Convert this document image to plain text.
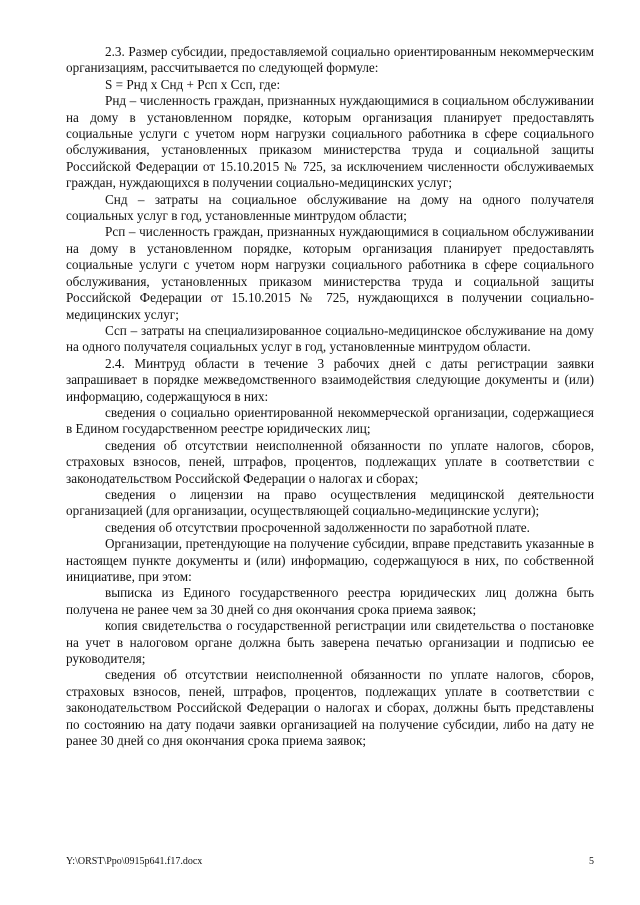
2.3. Размер субсидии, предоставляемой социально ориентированным некоммерческим организациям, рассчитывается по следующей формуле:

S = Рнд х Снд + Рсп х Ссп, где:

Рнд – численность граждан, признанных нуждающимися в социальном обслуживании на дому в установленном порядке, которым организация планирует предоставлять социальные услуги с учетом норм нагрузки социального работника в сфере социального обслуживания, установленных приказом министерства труда и социальной защиты Российской Федерации от 15.10.2015 № 725, за исключением численности обслуживаемых граждан, нуждающихся в получении социально-медицинских услуг;

Снд – затраты на социальное обслуживание на дому на одного получателя социальных услуг в год, установленные минтрудом области;

Рсп – численность граждан, признанных нуждающимися в социальном обслуживании на дому в установленном порядке, которым организация планирует предоставлять социальные услуги с учетом норм нагрузки социального работника в сфере социального обслуживания, установленных приказом министерства труда и социальной защиты Российской Федерации от 15.10.2015 № 725, нуждающихся в получении социально-медицинских услуг;

Ссп – затраты на специализированное социально-медицинское обслуживание на дому на одного получателя социальных услуг в год, установленные минтрудом области.

2.4. Минтруд области в течение 3 рабочих дней с даты регистрации заявки запрашивает в порядке межведомственного взаимодействия следующие документы и (или) информацию, содержащуюся в них:

сведения о социально ориентированной некоммерческой организации, содержащиеся в Едином государственном реестре юридических лиц;

сведения об отсутствии неисполненной обязанности по уплате налогов, сборов, страховых взносов, пеней, штрафов, процентов, подлежащих уплате в соответствии с законодательством Российской Федерации о налогах и сборах;

сведения о лицензии на право осуществления медицинской деятельности организацией (для организации, осуществляющей социально-медицинские услуги);

сведения об отсутствии просроченной задолженности по заработной плате.

Организации, претендующие на получение субсидии, вправе представить указанные в настоящем пункте документы и (или) информацию, содержащуюся в них, по собственной инициативе, при этом:

выписка из Единого государственного реестра юридических лиц должна быть получена не ранее чем за 30 дней со дня окончания срока приема заявок;

копия свидетельства о государственной регистрации или свидетельства о постановке на учет в налоговом органе должна быть заверена печатью организации и подписью ее руководителя;

сведения об отсутствии неисполненной обязанности по уплате налогов, сборов, страховых взносов, пеней, штрафов, процентов, подлежащих уплате в соответствии с законодательством Российской Федерации о налогах и сборах, должны быть представлены по состоянию на дату подачи заявки организацией на получение субсидии, либо на дату не ранее 30 дней со дня окончания срока приема заявок;

Y:\ORST\Ppo\0915p641.f17.docx	5
